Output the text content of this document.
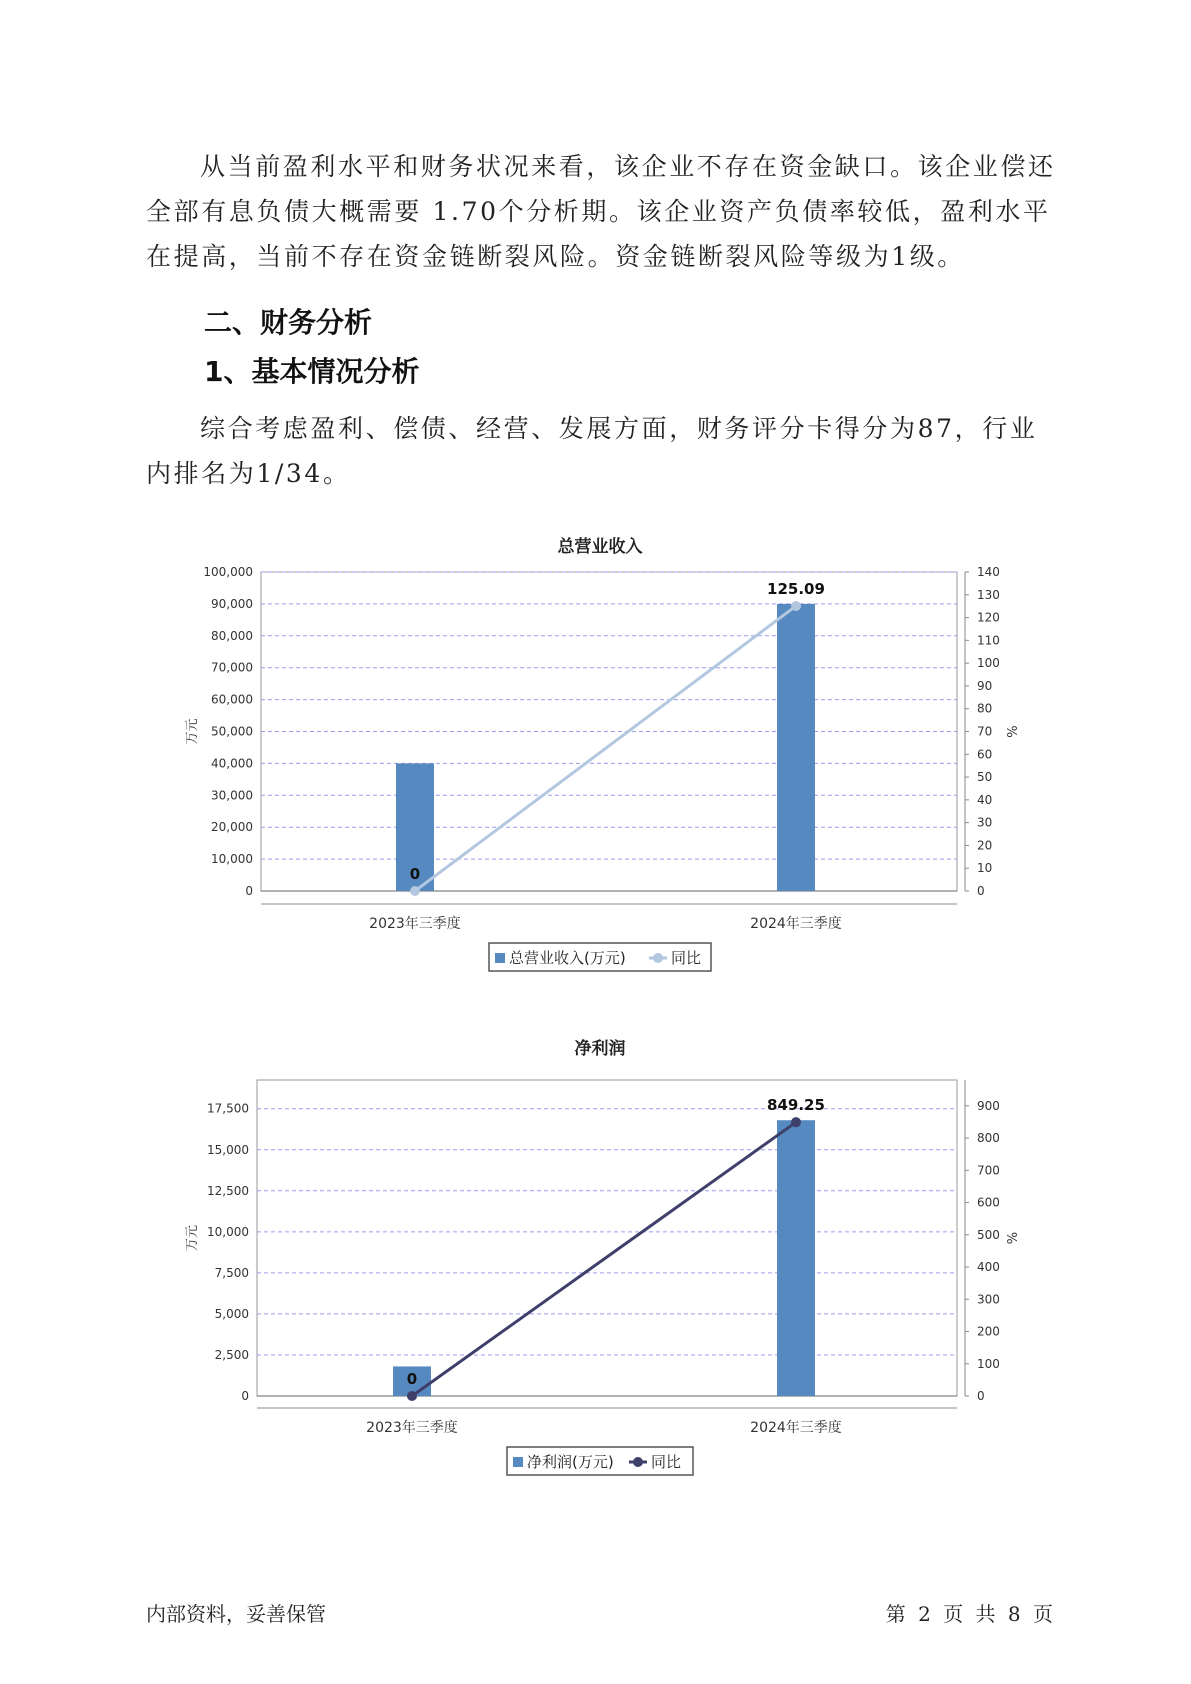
从当前盈利水平和财务状况来看，该企业不存在资金缺口。该企业偿还全部有息负债大概需要 1.70个分析期。该企业资产负债率较低，盈利水平在提高，当前不存在资金链断裂风险。资金链断裂风险等级为1级。

二、财务分析
1、基本情况分析

综合考虑盈利、偿债、经营、发展方面，财务评分卡得分为87，行业内排名为1/34。

总营业收入
0
10,000
20,000
30,000
40,000
50,000
60,000
70,000
80,000
90,000
100,000
万元
0
10
20
30
40
50
60
70
80
90
100
110
120
130
140
%
2023年三季度	2024年三季度
0
125.09
总营业收入(万元)	同比
净利润
0
2,500
5,000
7,500
10,000
12,500
15,000
17,500
万元
0
100
200
300
400
500
600
700
800
900
%
2023年三季度	2024年三季度
0
849.25
净利润(万元) 同比
内部资料，妥善保管	第 2 页 共 8 页
